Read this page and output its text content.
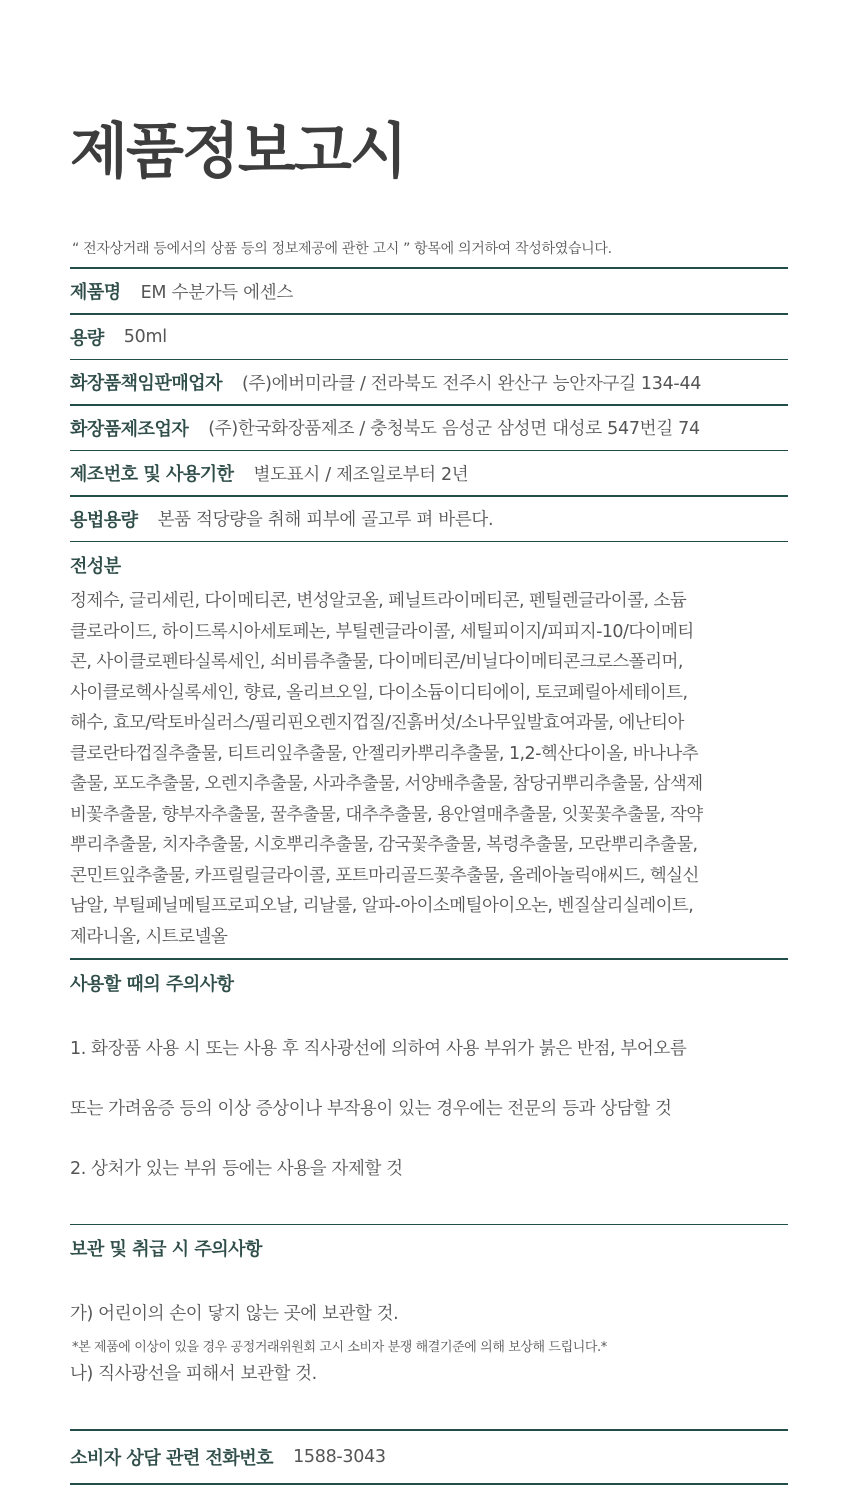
제품정보고시
“ 전자상거래 등에서의 상품 등의 정보제공에 관한 고시 ” 항목에 의거하여 작성하였습니다.
제품명 EM 수분가득 에센스
용량 50ml
화장품책임판매업자 (주)에버미라클 / 전라북도 전주시 완산구 능안자구길 134-44
화장품제조업자 (주)한국화장품제조 / 충청북도 음성군 삼성면 대성로 547번길 74
제조번호 및 사용기한 별도표시 / 제조일로부터 2년
용법용량 본품 적당량을 취해 피부에 골고루 펴 바른다.
전성분
정제수, 글리세린, 다이메티콘, 변성알코올, 페닐트라이메티콘, 펜틸렌글라이콜, 소듐
클로라이드, 하이드록시아세토페논, 부틸렌글라이콜, 세틸피이지/피피지-10/다이메티
콘, 사이클로펜타실록세인, 쇠비름추출물, 다이메티콘/비닐다이메티콘크로스폴리머,
사이클로헥사실록세인, 향료, 올리브오일, 다이소듐이디티에이, 토코페릴아세테이트,
해수, 효모/락토바실러스/필리핀오렌지껍질/진흙버섯/소나무잎발효여과물, 에난티아
클로란타껍질추출물, 티트리잎추출물, 안젤리카뿌리추출물, 1,2-헥산다이올, 바나나추
출물, 포도추출물, 오렌지추출물, 사과추출물, 서양배추출물, 참당귀뿌리추출물, 삼색제
비꽃추출물, 향부자추출물, 꿀추출물, 대추추출물, 용안열매추출물, 잇꽃꽃추출물, 작약
뿌리추출물, 치자추출물, 시호뿌리추출물, 감국꽃추출물, 복령추출물, 모란뿌리추출물,
콘민트잎추출물, 카프릴릴글라이콜, 포트마리골드꽃추출물, 올레아놀릭애씨드, 헥실신
남알, 부틸페닐메틸프로피오날, 리날룰, 알파-아이소메틸아이오논, 벤질살리실레이트,
제라니올, 시트로넬올
사용할 때의 주의사항

1. 화장품 사용 시 또는 사용 후 직사광선에 의하여 사용 부위가 붉은 반점, 부어오름

또는 가려움증 등의 이상 증상이나 부작용이 있는 경우에는 전문의 등과 상담할 것

2. 상처가 있는 부위 등에는 사용을 자제할 것

보관 및 취급 시 주의사항

가) 어린이의 손이 닿지 않는 곳에 보관할 것.

나) 직사광선을 피해서 보관할 것.

소비자 상담 관련 전화번호 1588-3043
*본 제품에 이상이 있을 경우 공정거래위원회 고시 소비자 분쟁 해결기준에 의해 보상해 드립니다.*
